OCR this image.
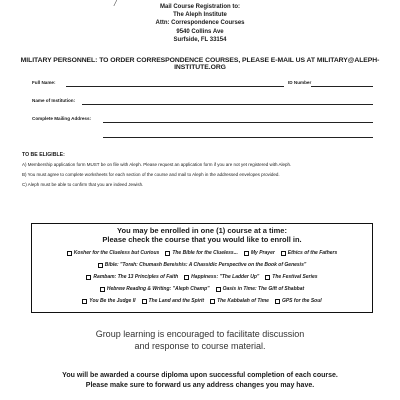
/	Mail Course Registration to:
The Aleph Institute
Attn: Correspondence Courses
9540 Collins Ave
Surfside, FL 33154
MILITARY PERSONNEL: TO ORDER CORRESPONDENCE COURSES, PLEASE E-MAIL US AT MILITARY@ALEPH-INSTITUTE.ORG
Full Name:	ID Number
Name of Institution:
Complete Mailing Address:
TO BE ELIGIBLE:
A) Membership application form MUST be on file with Aleph. Please request an application form if you are not yet registered with Aleph.
B) You must agree to complete worksheets for each section of the course and mail to Aleph in the addressed envelopes provided.
C) Aleph must be able to confirm that you are indeed Jewish.
You may be enrolled in one (1) course at a time:
Please check the course that you would like to enroll in.
Kosher for the Clueless but Curious	The Bible for the Clueless...	My Prayer	Ethics of the Fathers
Bible: "Torah: Chumash Bereishis: A Chassidic Perspective on the Book of Genesis"
Rambam: The 13 Principles of Faith	Happiness: "The Ladder Up"	The Festival Series
Hebrew Reading & Writing: "Aleph Champ"	Oasis in Time: The Gift of Shabbat
You Be the Judge II	The Land and the Spirit	The Kabbalah of Time	GPS for the Soul
Group learning is encouraged to facilitate discussion
and response to course material.
You will be awarded a course diploma upon successful completion of each course.
Please make sure to forward us any address changes you may have.
